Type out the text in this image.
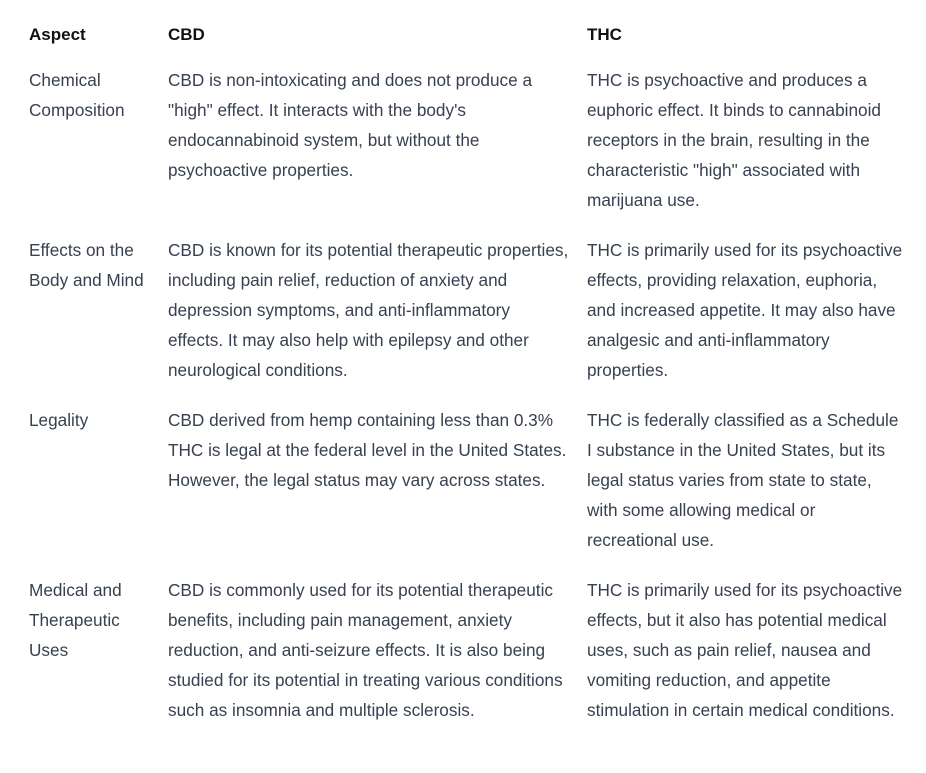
Aspect	CBD	THC
Chemical Composition	CBD is non-intoxicating and does not produce a "high" effect. It interacts with the body's endocannabinoid system, but without the psychoactive properties.	THC is psychoactive and produces a euphoric effect. It binds to cannabinoid receptors in the brain, resulting in the characteristic "high" associated with marijuana use.
Effects on the Body and Mind	CBD is known for its potential therapeutic properties, including pain relief, reduction of anxiety and depression symptoms, and anti-inflammatory effects. It may also help with epilepsy and other neurological conditions.	THC is primarily used for its psychoactive effects, providing relaxation, euphoria, and increased appetite. It may also have analgesic and anti-inflammatory properties.
Legality	CBD derived from hemp containing less than 0.3% THC is legal at the federal level in the United States. However, the legal status may vary across states.	THC is federally classified as a Schedule I substance in the United States, but its legal status varies from state to state, with some allowing medical or recreational use.
Medical and Therapeutic Uses	CBD is commonly used for its potential therapeutic benefits, including pain management, anxiety reduction, and anti-seizure effects. It is also being studied for its potential in treating various conditions such as insomnia and multiple sclerosis.	THC is primarily used for its psychoactive effects, but it also has potential medical uses, such as pain relief, nausea and vomiting reduction, and appetite stimulation in certain medical conditions.
